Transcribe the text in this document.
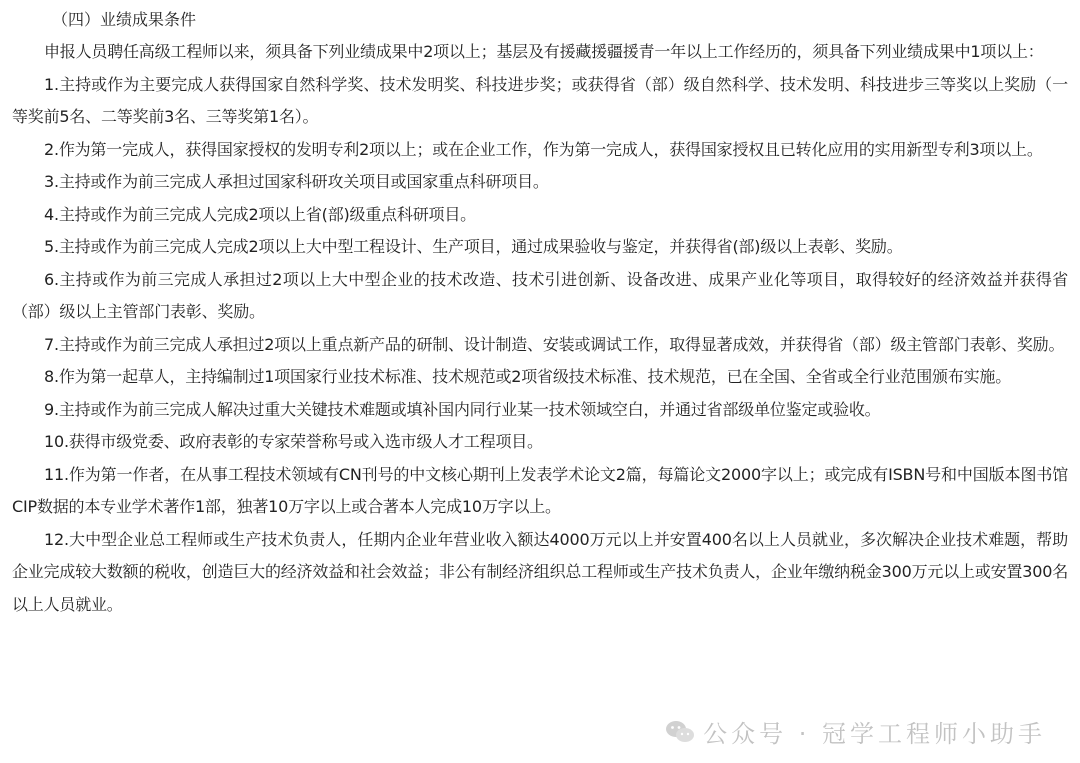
（四）业绩成果条件

申报人员聘任高级工程师以来，须具备下列业绩成果中2项以上；基层及有援藏援疆援青一年以上工作经历的，须具备下列业绩成果中1项以上：

1.主持或作为主要完成人获得国家自然科学奖、技术发明奖、科技进步奖；或获得省（部）级自然科学、技术发明、科技进步三等奖以上奖励（一等奖前5名、二等奖前3名、三等奖第1名）。

2.作为第一完成人，获得国家授权的发明专利2项以上；或在企业工作，作为第一完成人，获得国家授权且已转化应用的实用新型专利3项以上。

3.主持或作为前三完成人承担过国家科研攻关项目或国家重点科研项目。

4.主持或作为前三完成人完成2项以上省(部)级重点科研项目。

5.主持或作为前三完成人完成2项以上大中型工程设计、生产项目，通过成果验收与鉴定，并获得省(部)级以上表彰、奖励。

6.主持或作为前三完成人承担过2项以上大中型企业的技术改造、技术引进创新、设备改进、成果产业化等项目，取得较好的经济效益并获得省（部）级以上主管部门表彰、奖励。

7.主持或作为前三完成人承担过2项以上重点新产品的研制、设计制造、安装或调试工作，取得显著成效，并获得省（部）级主管部门表彰、奖励。

8.作为第一起草人，主持编制过1项国家行业技术标准、技术规范或2项省级技术标准、技术规范，已在全国、全省或全行业范围颁布实施。

9.主持或作为前三完成人解决过重大关键技术难题或填补国内同行业某一技术领域空白，并通过省部级单位鉴定或验收。

10.获得市级党委、政府表彰的专家荣誉称号或入选市级人才工程项目。

11.作为第一作者，在从事工程技术领域有CN刊号的中文核心期刊上发表学术论文2篇，每篇论文2000字以上；或完成有ISBN号和中国版本图书馆CIP数据的本专业学术著作1部，独著10万字以上或合著本人完成10万字以上。

12.大中型企业总工程师或生产技术负责人，任期内企业年营业收入额达4000万元以上并安置400名以上人员就业，多次解决企业技术难题，帮助企业完成较大数额的税收，创造巨大的经济效益和社会效益；非公有制经济组织总工程师或生产技术负责人，企业年缴纳税金300万元以上或安置300名以上人员就业。

公众号 · 冠学工程师小助手
